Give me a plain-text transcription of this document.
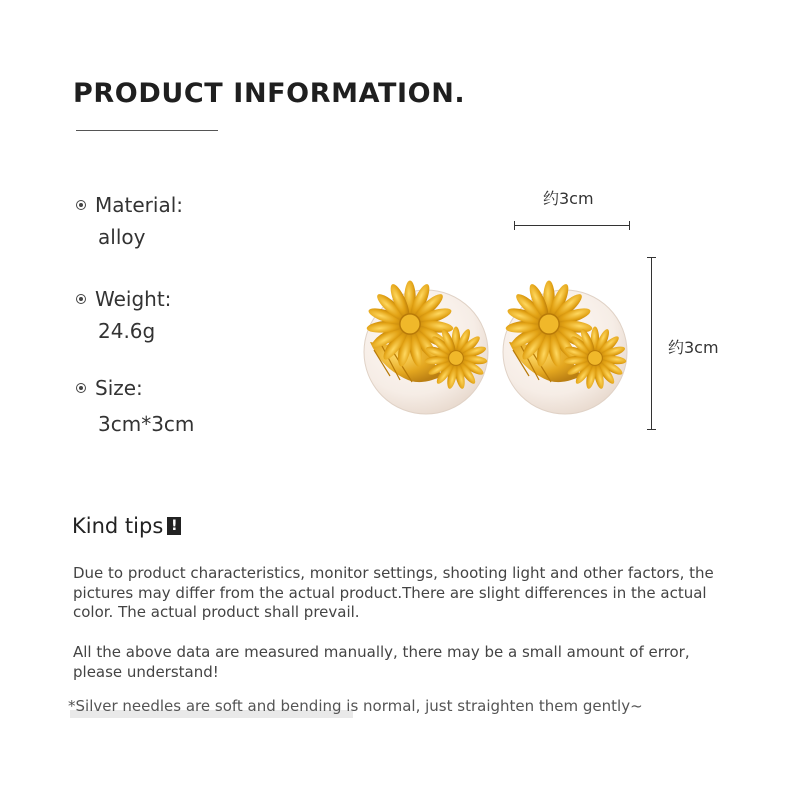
PRODUCT INFORMATION.
Material:
alloy
Weight:
24.6g
Size:
3cm*3cm
约3cm
约3cm
Kind tips !
Due to product characteristics, monitor settings, shooting light and other factors, the pictures may differ from the actual product.There are slight differences in the actual color. The actual product shall prevail.
All the above data are measured manually, there may be a small amount of error, please understand!
*Silver needles are soft and bending is normal, just straighten them gently~
